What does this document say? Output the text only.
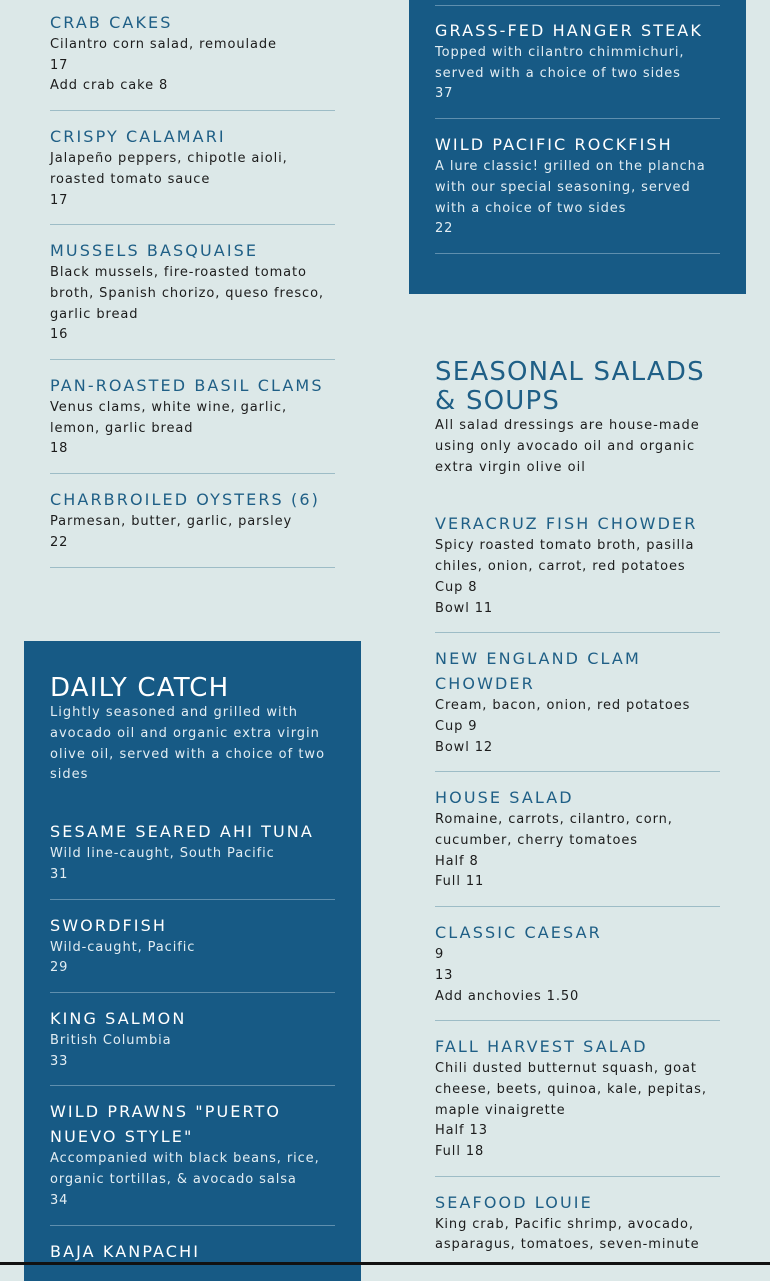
CRAB CAKES

Cilantro corn salad, remoulade

17

Add crab cake 8

CRISPY CALAMARI

Jalapeño peppers, chipotle aioli,

roasted tomato sauce

17

MUSSELS BASQUAISE

Black mussels, fire-roasted tomato

broth, Spanish chorizo, queso fresco,

garlic bread

16

PAN-ROASTED BASIL CLAMS

Venus clams, white wine, garlic,

lemon, garlic bread

18

CHARBROILED OYSTERS (6)

Parmesan, butter, garlic, parsley

22

GRASS-FED HANGER STEAK

Topped with cilantro chimmichuri,

served with a choice of two sides

37

WILD PACIFIC ROCKFISH

A lure classic! grilled on the plancha

with our special seasoning, served

with a choice of two sides

22

DAILY CATCH

Lightly seasoned and grilled with

avocado oil and organic extra virgin

olive oil, served with a choice of two

sides

SESAME SEARED AHI TUNA

Wild line-caught, South Pacific

31

SWORDFISH

Wild-caught, Pacific

29

KING SALMON

British Columbia

33

WILD PRAWNS "PUERTO
NUEVO STYLE"

Accompanied with black beans, rice,

organic tortillas, & avocado salsa

34

BAJA KANPACHI

SEASONAL SALADS
& SOUPS

All salad dressings are house-made

using only avocado oil and organic

extra virgin olive oil

VERACRUZ FISH CHOWDER

Spicy roasted tomato broth, pasilla

chiles, onion, carrot, red potatoes

Cup 8

Bowl 11

NEW ENGLAND CLAM
CHOWDER

Cream, bacon, onion, red potatoes

Cup 9

Bowl 12

HOUSE SALAD

Romaine, carrots, cilantro, corn,

cucumber, cherry tomatoes

Half 8

Full 11

CLASSIC CAESAR

9

13

Add anchovies 1.50

FALL HARVEST SALAD

Chili dusted butternut squash, goat

cheese, beets, quinoa, kale, pepitas,

maple vinaigrette

Half 13

Full 18

SEAFOOD LOUIE

King crab, Pacific shrimp, avocado,

asparagus, tomatoes, seven-minute
